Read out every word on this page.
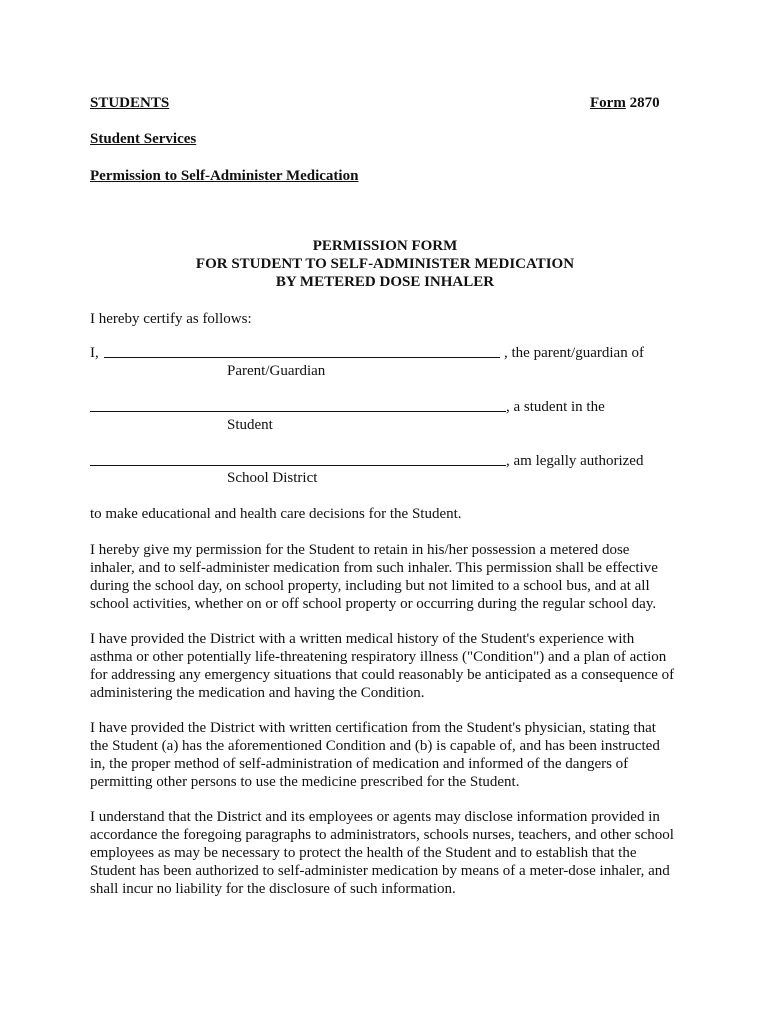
STUDENTS	Form 2870
Student Services
Permission to Self-Administer Medication
PERMISSION FORM
FOR STUDENT TO SELF-ADMINISTER MEDICATION
BY METERED DOSE INHALER
I hereby certify as follows:
I,	, the parent/guardian of
Parent/Guardian
, a student in the
Student
, am legally authorized
School District
to make educational and health care decisions for the Student.
I hereby give my permission for the Student to retain in his/her possession a metered dose
inhaler, and to self-administer medication from such inhaler. This permission shall be effective
during the school day, on school property, including but not limited to a school bus, and at all
school activities, whether on or off school property or occurring during the regular school day.
I have provided the District with a written medical history of the Student's experience with
asthma or other potentially life-threatening respiratory illness ("Condition") and a plan of action
for addressing any emergency situations that could reasonably be anticipated as a consequence of
administering the medication and having the Condition.
I have provided the District with written certification from the Student's physician, stating that
the Student (a) has the aforementioned Condition and (b) is capable of, and has been instructed
in, the proper method of self-administration of medication and informed of the dangers of
permitting other persons to use the medicine prescribed for the Student.
I understand that the District and its employees or agents may disclose information provided in
accordance the foregoing paragraphs to administrators, schools nurses, teachers, and other school
employees as may be necessary to protect the health of the Student and to establish that the
Student has been authorized to self-administer medication by means of a meter-dose inhaler, and
shall incur no liability for the disclosure of such information.
